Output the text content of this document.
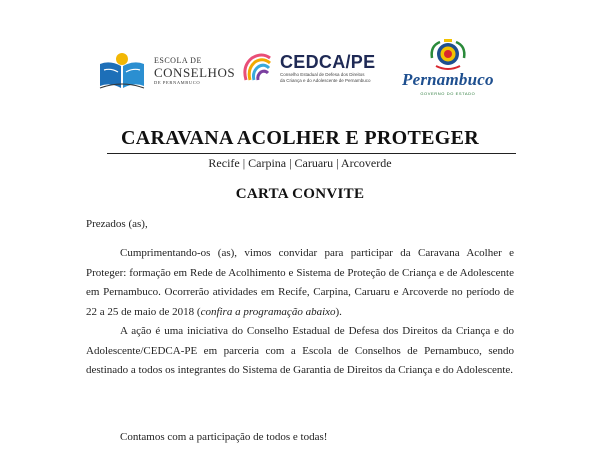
ESCOLA DE
CONSELHOS
DE PERNAMBUCO
CEDCA/PE
Conselho Estadual de Defesa dos Direitos
da Criança e do Adolescente de Pernambuco Pernambuco
GOVERNO DO ESTADO
CARAVANA ACOLHER E PROTEGER
Recife | Carpina | Caruaru | Arcoverde
CARTA CONVITE
Prezados (as),
Cumprimentando-os (as), vimos convidar para participar da Caravana Acolher e Proteger: formação em Rede de Acolhimento e Sistema de Proteção de Criança e de Adolescente em Pernambuco. Ocorrerão atividades em Recife, Carpina, Caruaru e Arcoverde no período de 22 a 25 de maio de 2018 (confira a programação abaixo).
A ação é uma iniciativa do Conselho Estadual de Defesa dos Direitos da Criança e do Adolescente/CEDCA-PE em parceria com a Escola de Conselhos de Pernambuco, sendo destinado a todos os integrantes do Sistema de Garantia de Direitos da Criança e do Adolescente.
Contamos com a participação de todos e todas!
